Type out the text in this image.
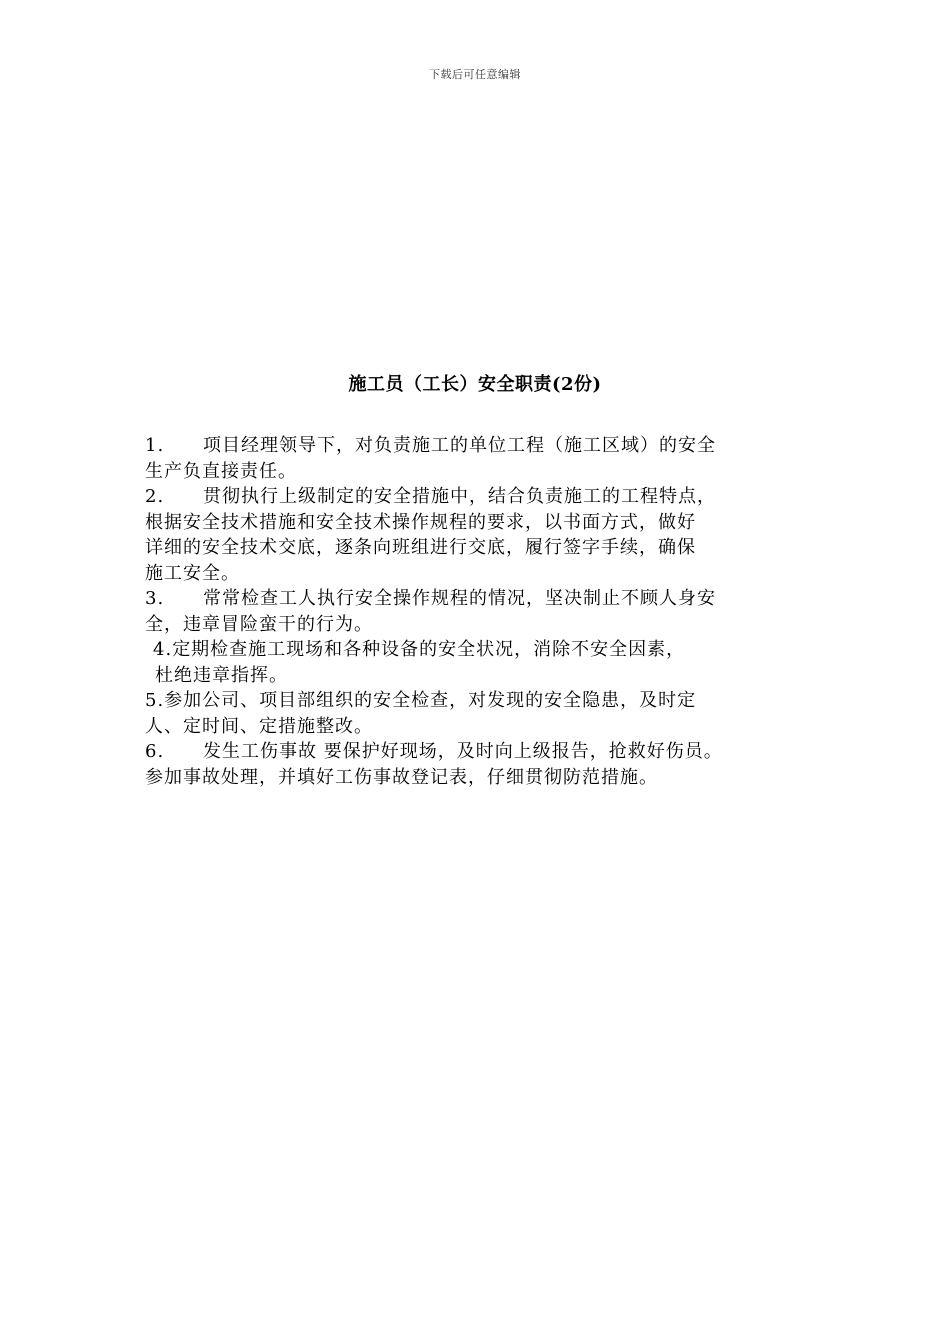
下载后可任意编辑
施工员（工长）安全职责(2份)
1. 项目经理领导下，对负责施工的单位工程（施工区域）的安全
生产负直接责任。
2. 贯彻执行上级制定的安全措施中，结合负责施工的工程特点，
根据安全技术措施和安全技术操作规程的要求，以书面方式，做好
详细的安全技术交底，逐条向班组进行交底，履行签字手续，确保
施工安全。
3. 常常检查工人执行安全操作规程的情况，坚决制止不顾人身安
全，违章冒险蛮干的行为。
4.定期检查施工现场和各种设备的安全状况，消除不安全因素，
杜绝违章指挥。
5.参加公司、项目部组织的安全检查，对发现的安全隐患，及时定
人、定时间、定措施整改。
6. 发生工伤事故 要保护好现场，及时向上级报告，抢救好伤员。
参加事故处理，并填好工伤事故登记表，仔细贯彻防范措施。
